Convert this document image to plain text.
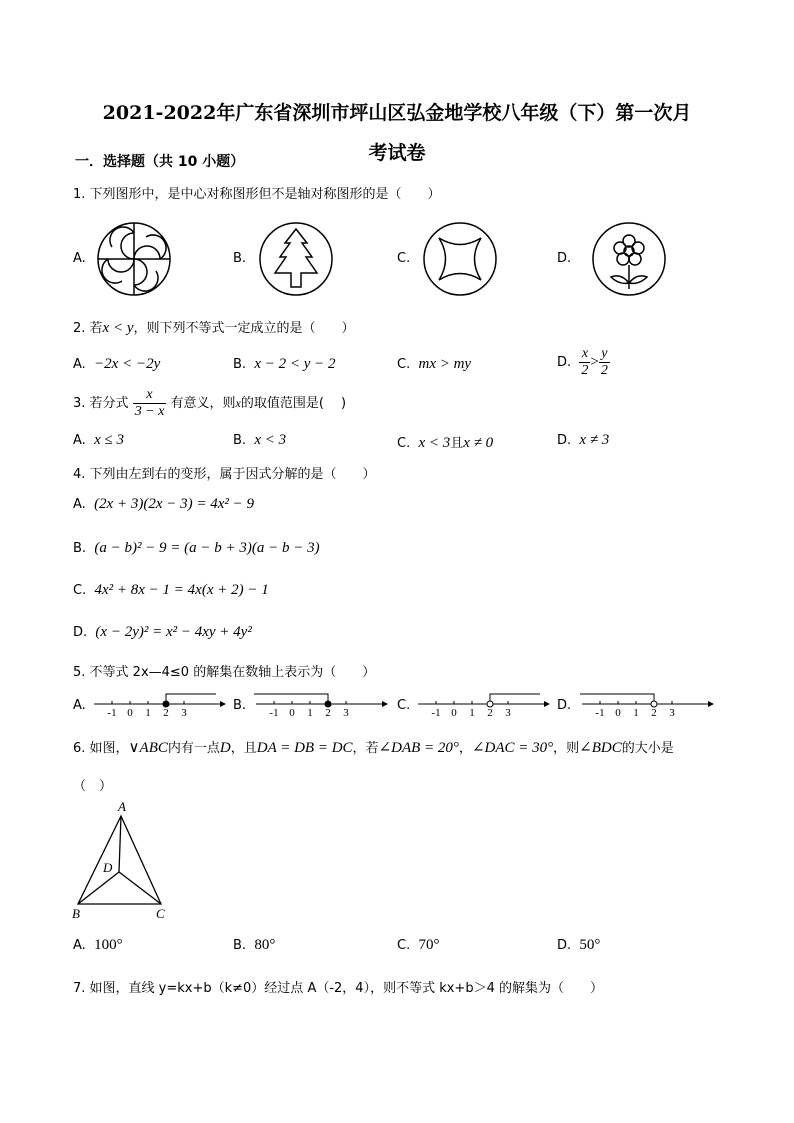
2021-2022年广东省深圳市坪山区弘金地学校八年级（下）第一次月
考试卷
一．选择题（共 10 小题）
1. 下列图形中，是中心对称图形但不是轴对称图形的是（　　）
A.	B.	C.	D.
2. 若x < y，则下列不等式一定成立的是（　　）
A. −2x < −2y	B. x − 2 < y − 2	C. mx > my	D. $\frac{x}{2} > \frac{y}{2}$
3. 若分式 $\frac{x}{3 - x}$ 有意义，则x的取值范围是(　 )
A. x ≤ 3	B. x < 3	C. x < 3且x ≠ 0	D. x ≠ 3
4. 下列由左到右的变形，属于因式分解的是（　　）
A. (2x + 3)(2x − 3) = 4x² − 9
B. (a − b)² − 9 = (a − b + 3)(a − b − 3)
C. 4x² + 8x − 1 = 4x(x + 2) − 1
D. (x − 2y)² = x² − 4xy + 4y²
5. 不等式 2x—4≤0 的解集在数轴上表示为（　　）
A.	B.	C.	D.
-1 0 1 2 3	-1 0 1 2 3	-1 0 1 2 3	-1 0 1 2 3
6. 如图，∨ABC内有一点D，且DA = DB = DC，若∠DAB = 20°，∠DAC = 30°，则∠BDC的大小是
（　）
A
D
B	C
A. 100°	B. 80°	C. 70°	D. 50°
7. 如图，直线 y=kx+b（k≠0）经过点 A（-2，4），则不等式 kx+b＞4 的解集为（　　）
